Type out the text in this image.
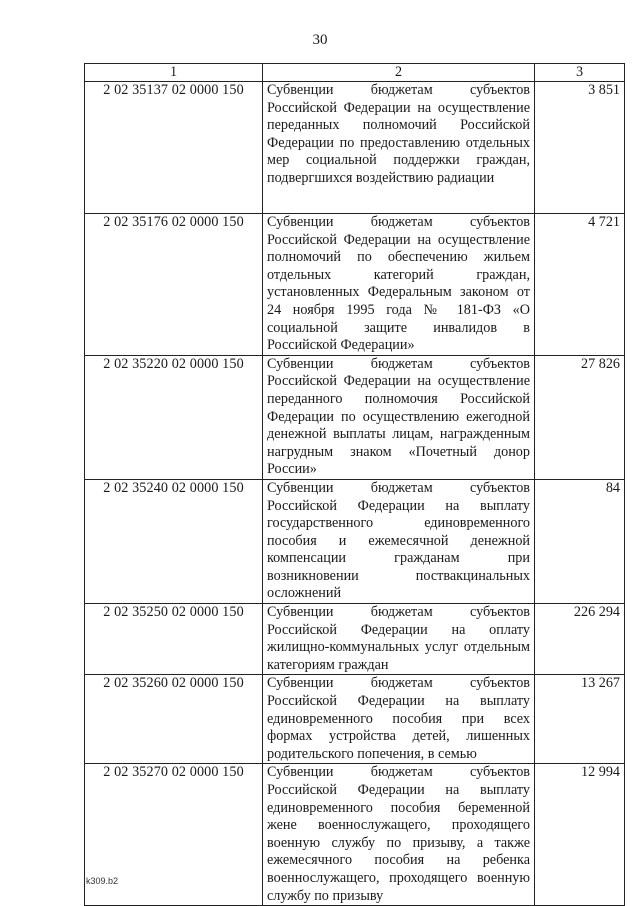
30
1	2	3
2 02 35137 02 0000 150	Субвенции бюджетам субъектов Российской Федерации на осуществление переданных полномочий Российской Федерации по предоставлению отдельных мер социальной поддержки граждан, подвергшихся воздействию радиации	3 851
2 02 35176 02 0000 150	Субвенции бюджетам субъектов Российской Федерации на осуществление полномочий по обеспечению жильем отдельных категорий граждан, установленных Федеральным законом от 24 ноября 1995 года № 181-ФЗ «О социальной защите инвалидов в Российской Федерации»	4 721
2 02 35220 02 0000 150	Субвенции бюджетам субъектов Российской Федерации на осуществление переданного полномочия Российской Федерации по осуществлению ежегодной денежной выплаты лицам, награжденным нагрудным знаком «Почетный донор России»	27 826
2 02 35240 02 0000 150	Субвенции бюджетам субъектов Российской Федерации на выплату государственного единовременного пособия и ежемесячной денежной компенсации гражданам при возникновении поствакцинальных осложнений	84
2 02 35250 02 0000 150	Субвенции бюджетам субъектов Российской Федерации на оплату жилищно-коммунальных услуг отдельным категориям граждан	226 294
2 02 35260 02 0000 150	Субвенции бюджетам субъектов Российской Федерации на выплату единовременного пособия при всех формах устройства детей, лишенных родительского попечения, в семью	13 267
2 02 35270 02 0000 150	Субвенции бюджетам субъектов Российской Федерации на выплату единовременного пособия беременной жене военнослужащего, проходящего военную службу по призыву, а также ежемесячного пособия на ребенка военнослужащего, проходящего военную службу по призыву	12 994
k309.b2
